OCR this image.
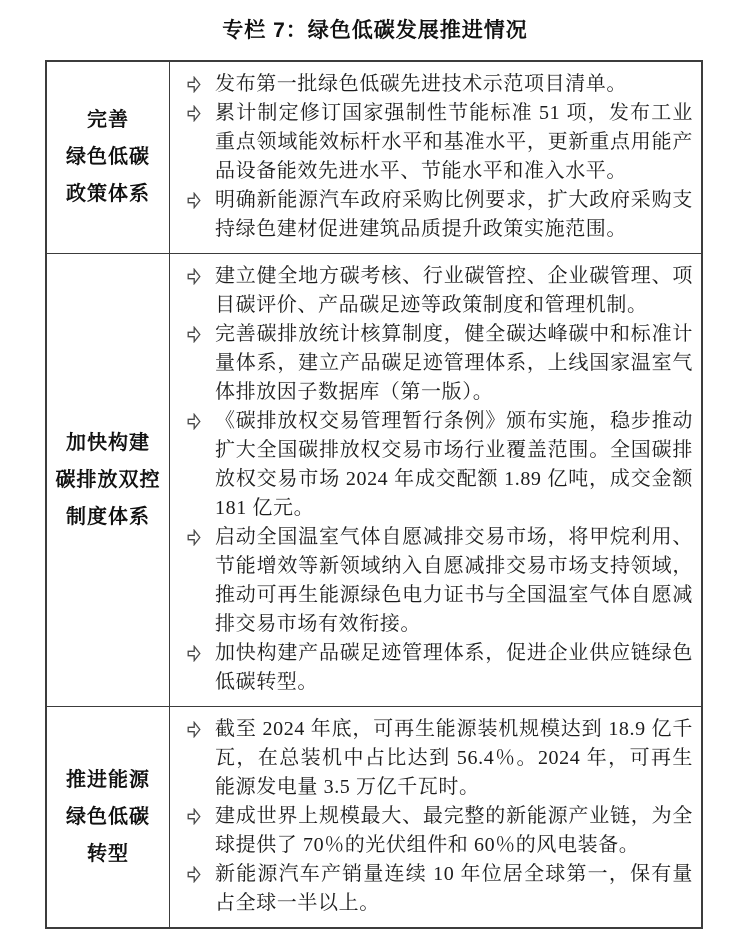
专栏 7：绿色低碳发展推进情况
完善
绿色低碳
政策体系
发布第一批绿色低碳先进技术示范项目清单。
累计制定修订国家强制性节能标准 51 项，发布工业重点领域能效标杆水平和基准水平，更新重点用能产品设备能效先进水平、节能水平和准入水平。
明确新能源汽车政府采购比例要求，扩大政府采购支持绿色建材促进建筑品质提升政策实施范围。
加快构建
碳排放双控
制度体系
建立健全地方碳考核、行业碳管控、企业碳管理、项目碳评价、产品碳足迹等政策制度和管理机制。
完善碳排放统计核算制度，健全碳达峰碳中和标准计量体系，建立产品碳足迹管理体系，上线国家温室气体排放因子数据库（第一版）。
《碳排放权交易管理暂行条例》颁布实施，稳步推动扩大全国碳排放权交易市场行业覆盖范围。全国碳排放权交易市场 2024 年成交配额 1.89 亿吨，成交金额 181 亿元。
启动全国温室气体自愿减排交易市场，将甲烷利用、节能增效等新领域纳入自愿减排交易市场支持领域，推动可再生能源绿色电力证书与全国温室气体自愿减排交易市场有效衔接。
加快构建产品碳足迹管理体系，促进企业供应链绿色低碳转型。
推进能源
绿色低碳
转型
截至 2024 年底，可再生能源装机规模达到 18.9 亿千瓦，在总装机中占比达到 56.4％。2024 年，可再生能源发电量 3.5 万亿千瓦时。
建成世界上规模最大、最完整的新能源产业链，为全球提供了 70％的光伏组件和 60％的风电装备。
新能源汽车产销量连续 10 年位居全球第一，保有量占全球一半以上。
